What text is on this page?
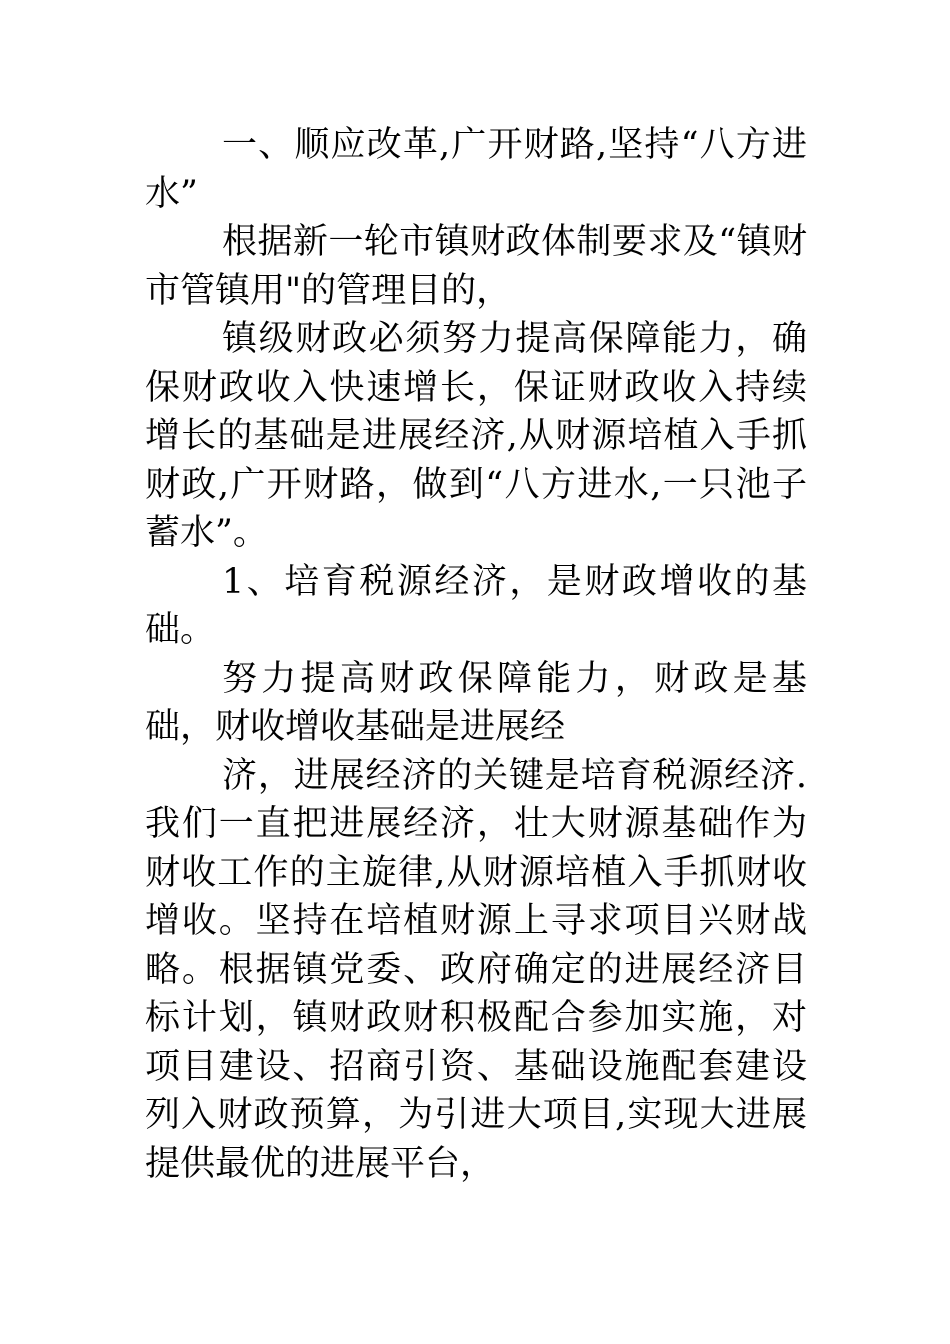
一、顺应改革,广开财路,坚持“八方进水”

根据新一轮市镇财政体制要求及“镇财市管镇用"的管理目的，

镇级财政必须努力提高保障能力，确保财政收入快速增长，保证财政收入持续增长的基础是进展经济,从财源培植入手抓财政,广开财路，做到“八方进水,一只池子蓄水”。

1、培育税源经济，是财政增收的基础。

努力提高财政保障能力，财政是基础，财收增收基础是进展经

济，进展经济的关键是培育税源经济.我们一直把进展经济，壮大财源基础作为财收工作的主旋律,从财源培植入手抓财收增收。坚持在培植财源上寻求项目兴财战略。根据镇党委、政府确定的进展经济目标计划，镇财政财积极配合参加实施，对项目建设、招商引资、基础设施配套建设列入财政预算，为引进大项目,实现大进展提供最优的进展平台，
